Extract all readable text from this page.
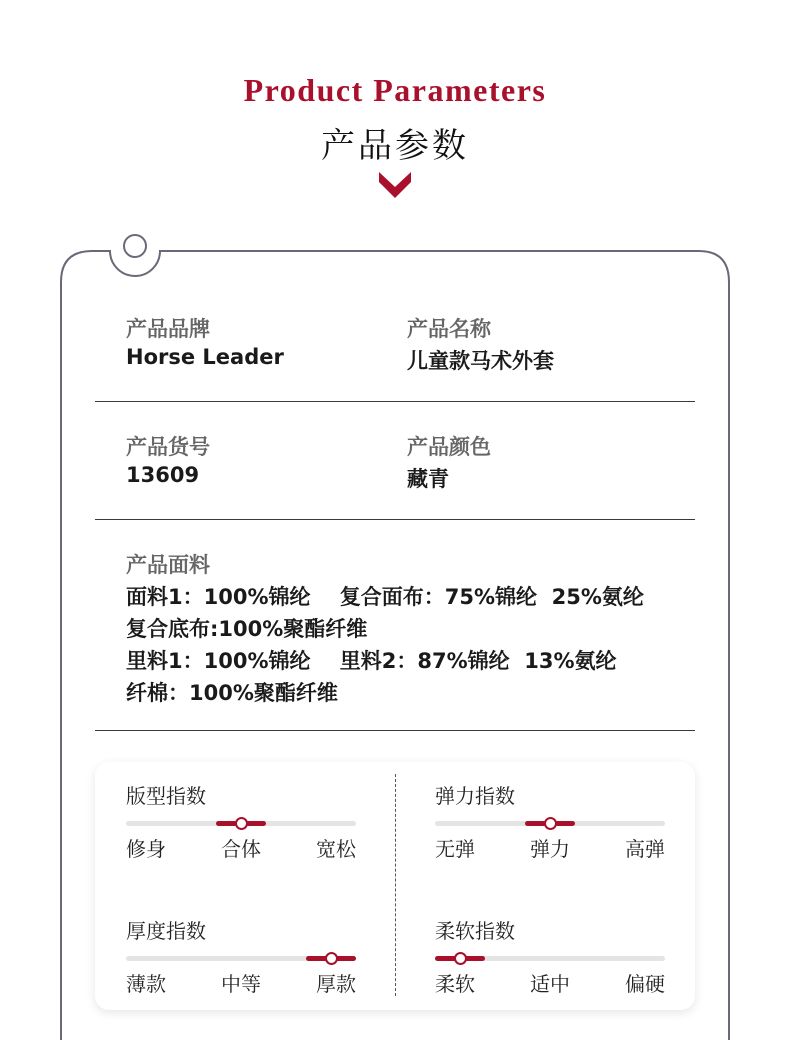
Product Parameters
产品参数
产品品牌
Horse Leader
产品名称
儿童款马术外套
产品货号
13609
产品颜色
藏青
产品面料
面料1：100%锦纶    复合面布：75%锦纶  25%氨纶
复合底布:100%聚酯纤维
里料1：100%锦纶    里料2：87%锦纶  13%氨纶
纤棉：100%聚酯纤维
版型指数
修身	合体	宽松
弹力指数
无弹	弹力	高弹
厚度指数
薄款	中等	厚款
柔软指数
柔软	适中	偏硬
